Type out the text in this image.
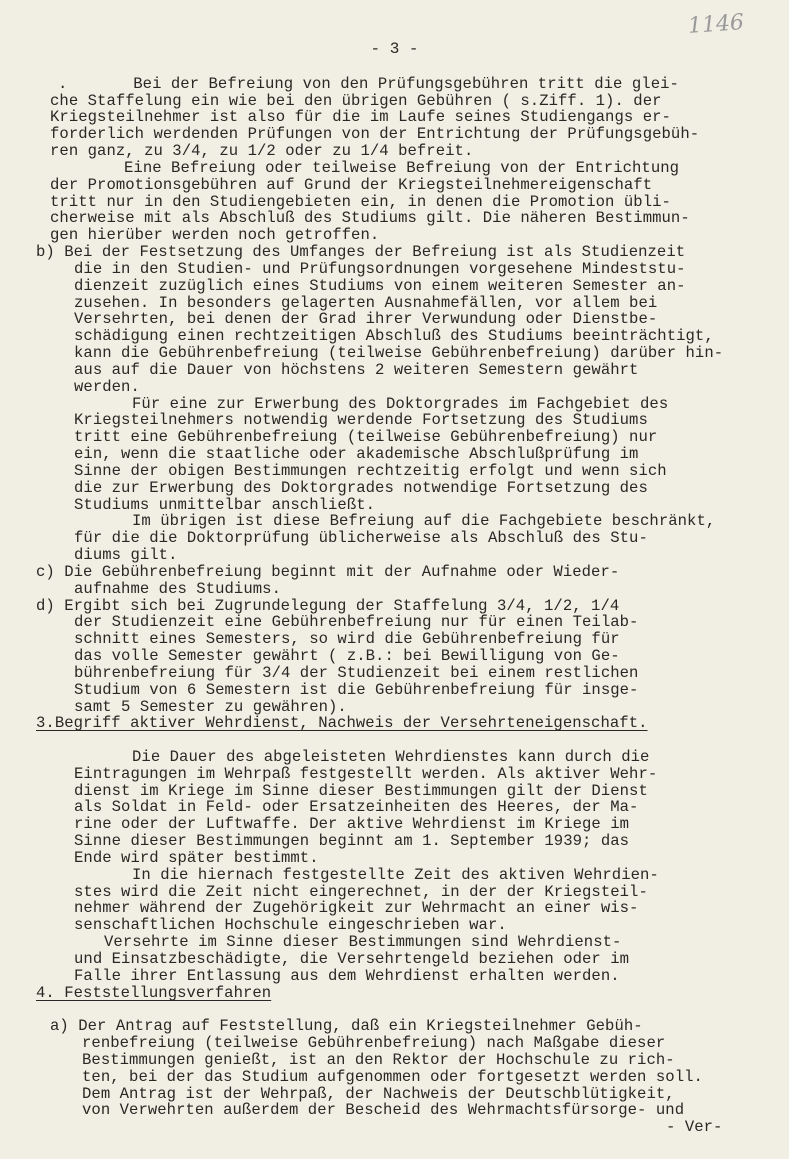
1146
- 3 -
.       Bei der Befreiung von den Prüfungsgebühren tritt die glei-
che Staffelung ein wie bei den übrigen Gebühren ( s.Ziff. 1). der
Kriegsteilnehmer ist also für die im Laufe seines Studiengangs er-
forderlich werdenden Prüfungen von der Entrichtung der Prüfungsgebüh-
ren ganz, zu 3/4, zu 1/2 oder zu 1/4 befreit.
Eine Befreiung oder teilweise Befreiung von der Entrichtung
der Promotionsgebühren auf Grund der Kriegsteilnehmereigenschaft
tritt nur in den Studiengebieten ein, in denen die Promotion übli-
cherweise mit als Abschluß des Studiums gilt. Die näheren Bestimmun-
gen hierüber werden noch getroffen.
b) Bei der Festsetzung des Umfanges der Befreiung ist als Studienzeit
die in den Studien- und Prüfungsordnungen vorgesehene Mindeststu-
dienzeit zuzüglich eines Studiums von einem weiteren Semester an-
zusehen. In besonders gelagerten Ausnahmefällen, vor allem bei
Versehrten, bei denen der Grad ihrer Verwundung oder Dienstbe-
schädigung einen rechtzeitigen Abschluß des Studiums beeinträchtigt,
kann die Gebührenbefreiung (teilweise Gebührenbefreiung) darüber hin-
aus auf die Dauer von höchstens 2 weiteren Semestern gewährt
werden.
Für eine zur Erwerbung des Doktorgrades im Fachgebiet des
Kriegsteilnehmers notwendig werdende Fortsetzung des Studiums
tritt eine Gebührenbefreiung (teilweise Gebührenbefreiung) nur
ein, wenn die staatliche oder akademische Abschlußprüfung im
Sinne der obigen Bestimmungen rechtzeitig erfolgt und wenn sich
die zur Erwerbung des Doktorgrades notwendige Fortsetzung des
Studiums unmittelbar anschließt.
Im übrigen ist diese Befreiung auf die Fachgebiete beschränkt,
für die die Doktorprüfung üblicherweise als Abschluß des Stu-
diums gilt.
c) Die Gebührenbefreiung beginnt mit der Aufnahme oder Wieder-
aufnahme des Studiums.
d) Ergibt sich bei Zugrundelegung der Staffelung 3/4, 1/2, 1/4
der Studienzeit eine Gebührenbefreiung nur für einen Teilab-
schnitt eines Semesters, so wird die Gebührenbefreiung für
das volle Semester gewährt ( z.B.: bei Bewilligung von Ge-
bührenbefreiung für 3/4 der Studienzeit bei einem restlichen
Studium von 6 Semestern ist die Gebührenbefreiung für insge-
samt 5 Semester zu gewähren).
3.Begriff aktiver Wehrdienst, Nachweis der Versehrteneigenschaft.
Die Dauer des abgeleisteten Wehrdienstes kann durch die
Eintragungen im Wehrpaß festgestellt werden. Als aktiver Wehr-
dienst im Kriege im Sinne dieser Bestimmungen gilt der Dienst
als Soldat in Feld- oder Ersatzeinheiten des Heeres, der Ma-
rine oder der Luftwaffe. Der aktive Wehrdienst im Kriege im
Sinne dieser Bestimmungen beginnt am 1. September 1939; das
Ende wird später bestimmt.
In die hiernach festgestellte Zeit des aktiven Wehrdien-
stes wird die Zeit nicht eingerechnet, in der der Kriegsteil-
nehmer während der Zugehörigkeit zur Wehrmacht an einer wis-
senschaftlichen Hochschule eingeschrieben war.
Versehrte im Sinne dieser Bestimmungen sind Wehrdienst-
und Einsatzbeschädigte, die Versehrtengeld beziehen oder im
Falle ihrer Entlassung aus dem Wehrdienst erhalten werden.
4. Feststellungsverfahren
a) Der Antrag auf Feststellung, daß ein Kriegsteilnehmer Gebüh-
renbefreiung (teilweise Gebührenbefreiung) nach Maßgabe dieser
Bestimmungen genießt, ist an den Rektor der Hochschule zu rich-
ten, bei der das Studium aufgenommen oder fortgesetzt werden soll.
Dem Antrag ist der Wehrpaß, der Nachweis der Deutschblütigkeit,
von Verwehrten außerdem der Bescheid des Wehrmachtsfürsorge- und
- Ver-
